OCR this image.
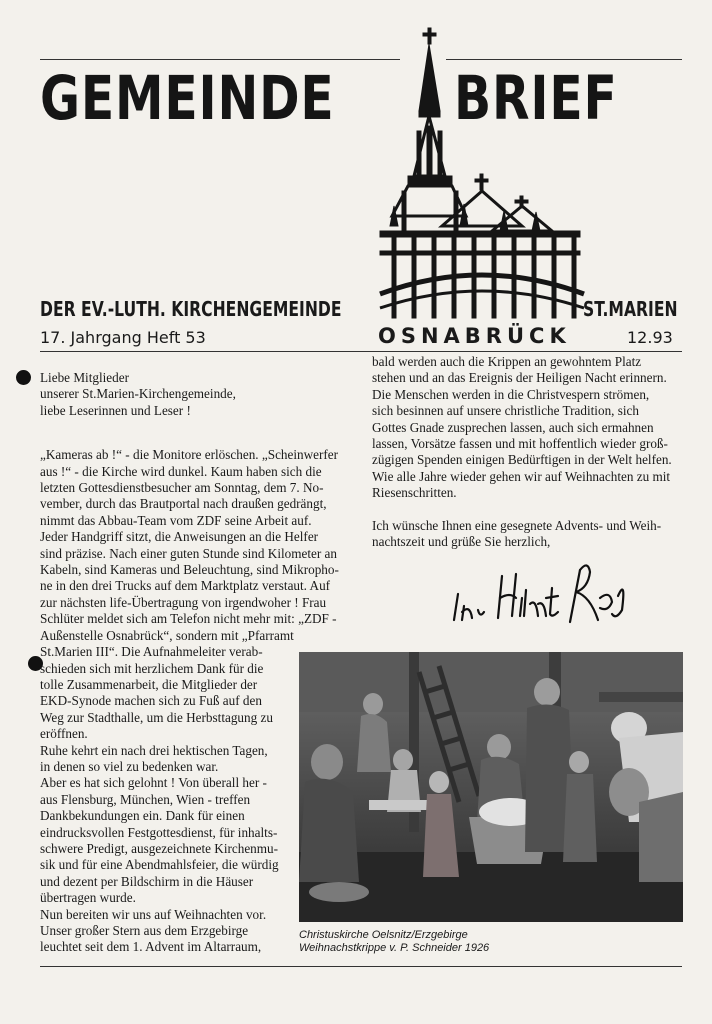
GEMEINDE BRIEF
DER EV.-LUTH. KIRCHENGEMEINDE	ST.MARIEN
OSNABRÜCK
17. Jahrgang Heft 53	12.93

Liebe Mitglieder

unserer St.Marien-Kirchengemeinde,

liebe Leserinnen und Leser !

„Kameras ab !“ - die Monitore erlöschen. „Scheinwerfer

aus !“ - die Kirche wird dunkel. Kaum haben sich die

letzten Gottesdienstbesucher am Sonntag, dem 7. No-

vember, durch das Brautportal nach draußen gedrängt,

nimmt das Abbau-Team vom ZDF seine Arbeit auf.

Jeder Handgriff sitzt, die Anweisungen an die Helfer

sind präzise. Nach einer guten Stunde sind Kilometer an

Kabeln, sind Kameras und Beleuchtung, sind Mikropho-

ne in den drei Trucks auf dem Marktplatz verstaut. Auf

zur nächsten life-Übertragung von irgendwoher ! Frau

Schlüter meldet sich am Telefon nicht mehr mit: „ZDF -

Außenstelle Osnabrück“, sondern mit „Pfarramt

St.Marien III“. Die Aufnahmeleiter verab-

schieden sich mit herzlichem Dank für die

tolle Zusammenarbeit, die Mitglieder der

EKD-Synode machen sich zu Fuß auf den

Weg zur Stadthalle, um die Herbsttagung zu

eröffnen.

Ruhe kehrt ein nach drei hektischen Tagen,

in denen so viel zu bedenken war.

Aber es hat sich gelohnt ! Von überall her -

aus Flensburg, München, Wien - treffen

Dankbekundungen ein. Dank für einen

eindrucksvollen Festgottesdienst, für inhalts-

schwere Predigt, ausgezeichnete Kirchenmu-

sik und für eine Abendmahlsfeier, die würdig

und dezent per Bildschirm in die Häuser

übertragen wurde.

Nun bereiten wir uns auf Weihnachten vor.

Unser großer Stern aus dem Erzgebirge

leuchtet seit dem 1. Advent im Altarraum,

bald werden auch die Krippen an gewohntem Platz

stehen und an das Ereignis der Heiligen Nacht erinnern.

Die Menschen werden in die Christvespern strömen,

sich besinnen auf unsere christliche Tradition, sich

Gottes Gnade zusprechen lassen, auch sich ermahnen

lassen, Vorsätze fassen und mit hoffentlich wieder groß-

zügigen Spenden einigen Bedürftigen in der Welt helfen.

Wie alle Jahre wieder gehen wir auf Weihnachten zu mit

Riesenschritten.

Ich wünsche Ihnen eine gesegnete Advents- und Weih-

nachtszeit und grüße Sie herzlich,

Christuskirche Oelsnitz/Erzgebirge
Weihnachstkrippe v. P. Schneider 1926
